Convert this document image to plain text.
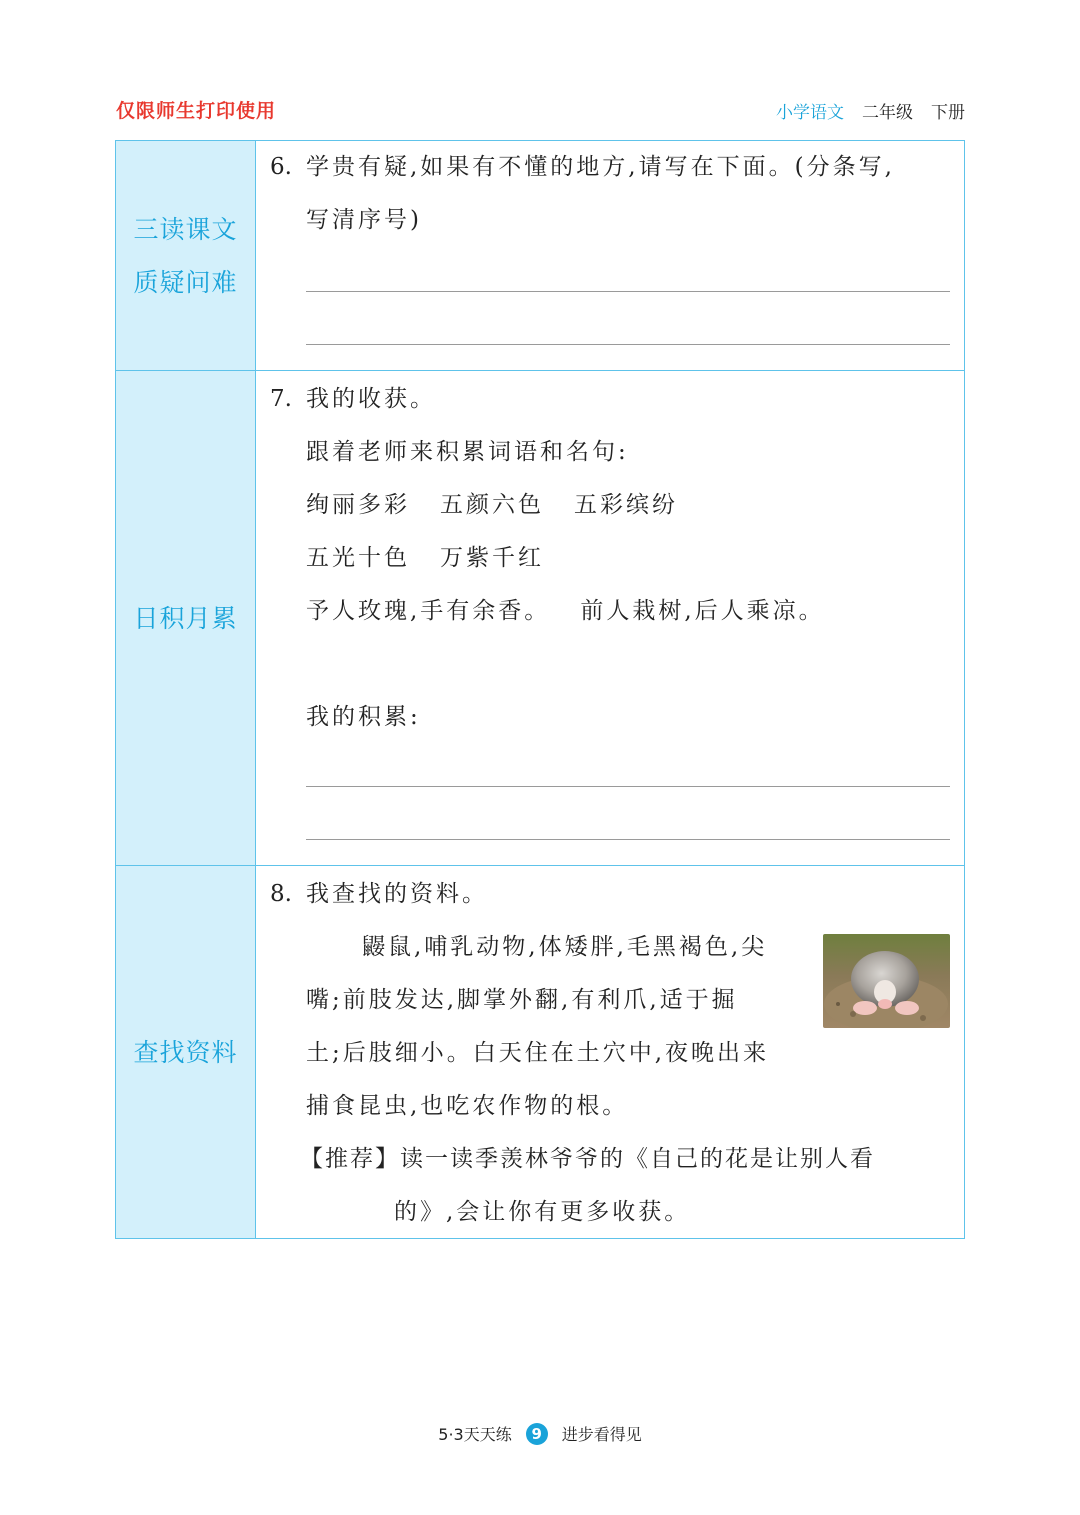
仅限师生打印使用	小学语文 二年级 下册
三读课文
质疑问难
6. 学贵有疑,如果有不懂的地方,请写在下面。(分条写,
写清序号)
日积月累
7. 我的收获。
跟着老师来积累词语和名句:
绚丽多彩 五颜六色 五彩缤纷
五光十色 万紫千红
予人玫瑰,手有余香。 前人栽树,后人乘凉。
我的积累:
查找资料
8. 我查找的资料。
鼹鼠,哺乳动物,体矮胖,毛黑褐色,尖
嘴;前肢发达,脚掌外翻,有利爪,适于掘
土;后肢细小。白天住在土穴中,夜晚出来
捕食昆虫,也吃农作物的根。
【推荐】读一读季羡林爷爷的《自己的花是让别人看
的》,会让你有更多收获。
5·3天天练	9	进步看得见
